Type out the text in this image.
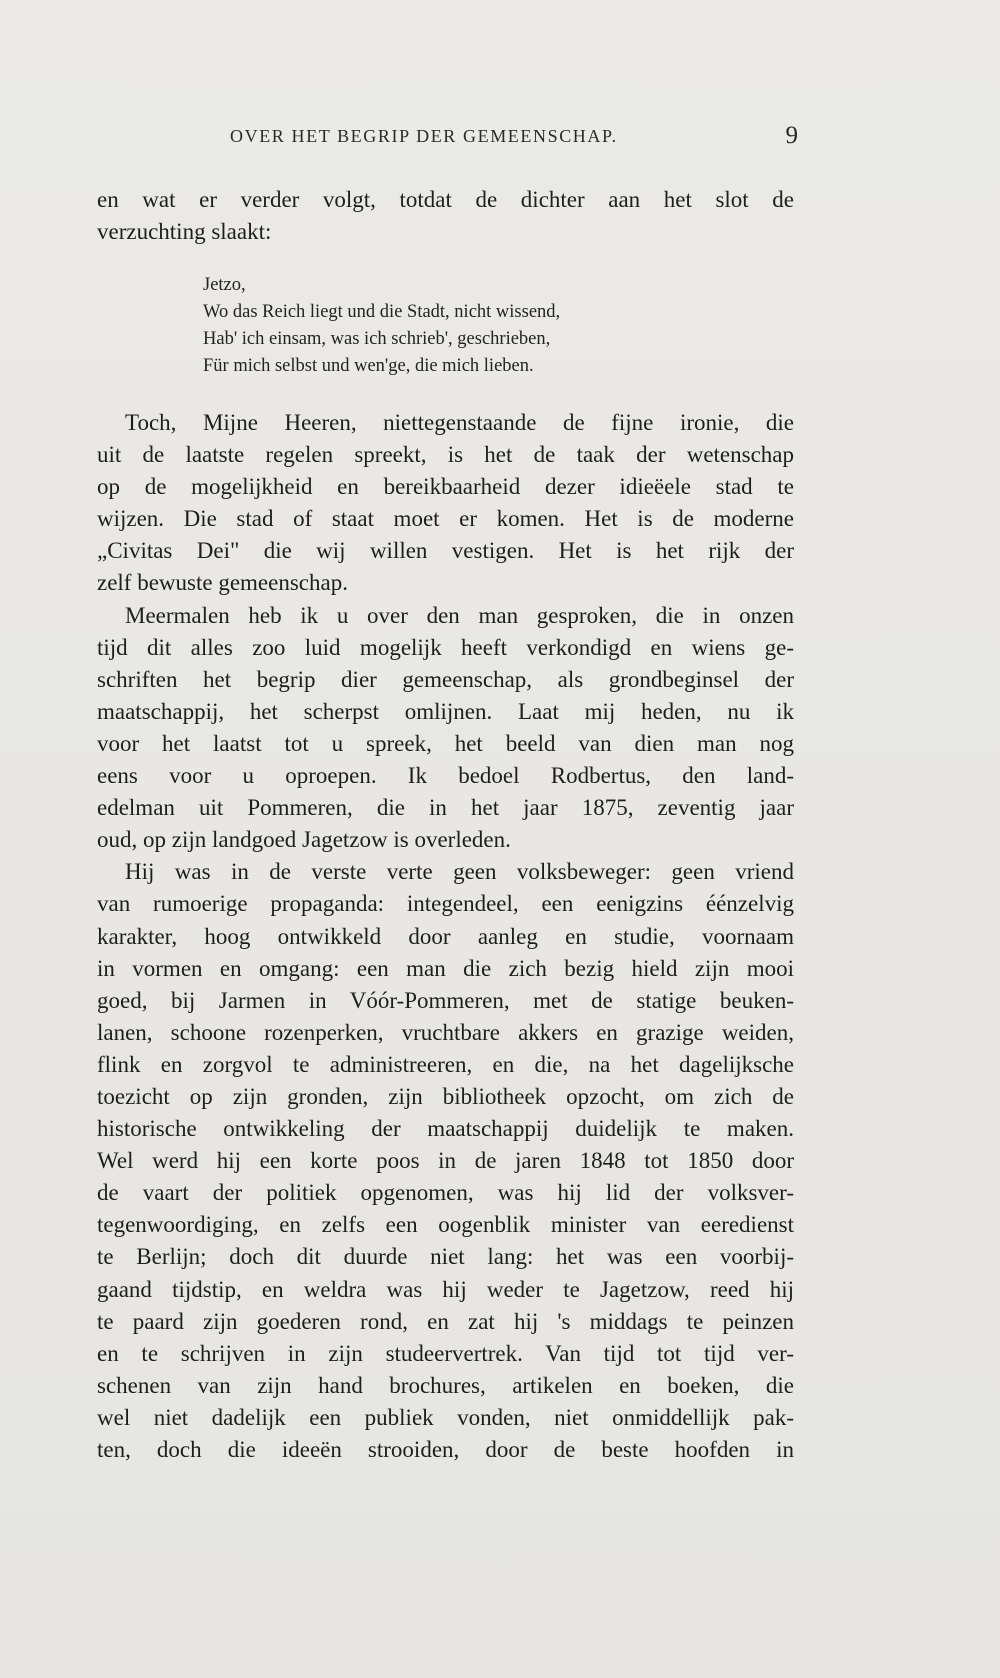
OVER HET BEGRIP DER GEMEENSCHAP.	9
en wat er verder volgt, totdat de dichter aan het slot de
verzuchting slaakt:
Jetzo,
Wo das Reich liegt und die Stadt, nicht wissend,
Hab' ich einsam, was ich schrieb', geschrieben,
Für mich selbst und wen'ge, die mich lieben.
Toch, Mijne Heeren, niettegenstaande de fijne ironie, die
uit de laatste regelen spreekt, is het de taak der wetenschap
op de mogelijkheid en bereikbaarheid dezer idieëele stad te
wijzen. Die stad of staat moet er komen. Het is de moderne
„Civitas Dei" die wij willen vestigen. Het is het rijk der
zelf bewuste gemeenschap.
Meermalen heb ik u over den man gesproken, die in onzen
tijd dit alles zoo luid mogelijk heeft verkondigd en wiens ge-
schriften het begrip dier gemeenschap, als grondbeginsel der
maatschappij, het scherpst omlijnen. Laat mij heden, nu ik
voor het laatst tot u spreek, het beeld van dien man nog
eens voor u oproepen. Ik bedoel Rodbertus, den land-
edelman uit Pommeren, die in het jaar 1875, zeventig jaar
oud, op zijn landgoed Jagetzow is overleden.
Hij was in de verste verte geen volksbeweger: geen vriend
van rumoerige propaganda: integendeel, een eenigzins éénzelvig
karakter, hoog ontwikkeld door aanleg en studie, voornaam
in vormen en omgang: een man die zich bezig hield zijn mooi
goed, bij Jarmen in Vóór-Pommeren, met de statige beuken-
lanen, schoone rozenperken, vruchtbare akkers en grazige weiden,
flink en zorgvol te administreeren, en die, na het dagelijksche
toezicht op zijn gronden, zijn bibliotheek opzocht, om zich de
historische ontwikkeling der maatschappij duidelijk te maken.
Wel werd hij een korte poos in de jaren 1848 tot 1850 door
de vaart der politiek opgenomen, was hij lid der volksver-
tegenwoordiging, en zelfs een oogenblik minister van eeredienst
te Berlijn; doch dit duurde niet lang: het was een voorbij-
gaand tijdstip, en weldra was hij weder te Jagetzow, reed hij
te paard zijn goederen rond, en zat hij 's middags te peinzen
en te schrijven in zijn studeervertrek. Van tijd tot tijd ver-
schenen van zijn hand brochures, artikelen en boeken, die
wel niet dadelijk een publiek vonden, niet onmiddellijk pak-
ten, doch die ideeën strooiden, door de beste hoofden in
